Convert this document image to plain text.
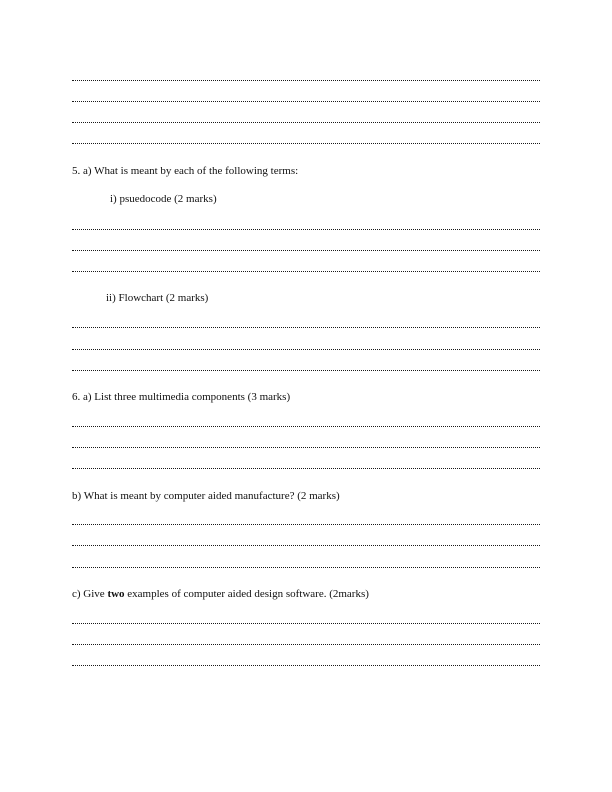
5. a) What is meant by each of the following terms:
i) psuedocode (2 marks)
ii) Flowchart (2 marks)
6. a) List three multimedia components (3 marks)
b) What is meant by computer aided manufacture? (2 marks)
c) Give two examples of computer aided design software. (2marks)
